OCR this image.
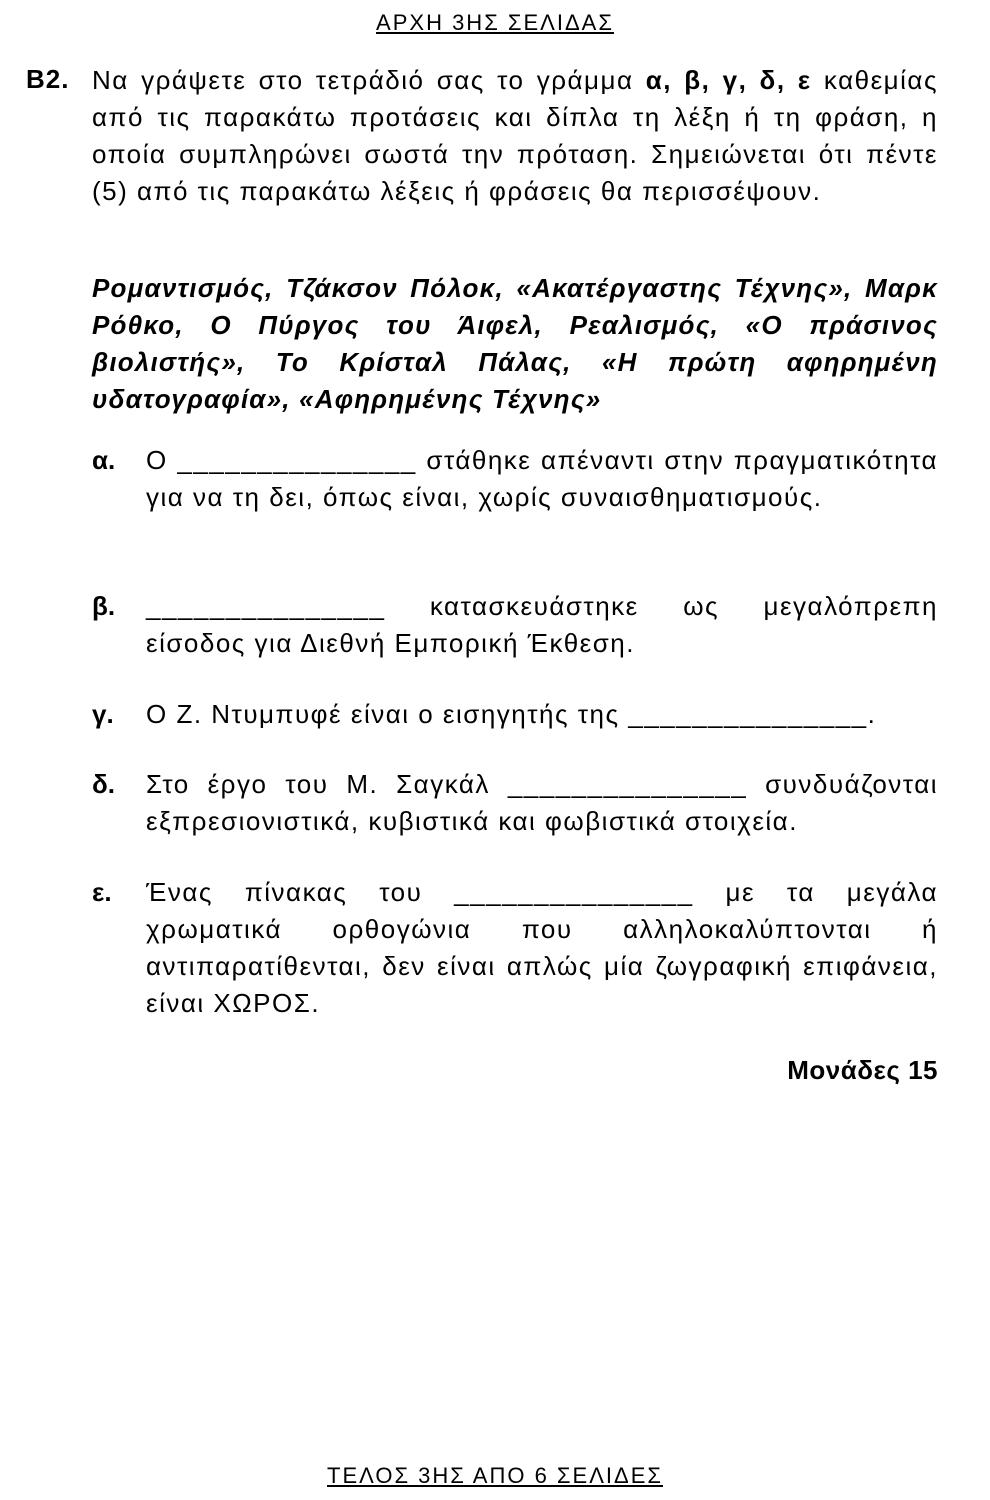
ΑΡΧΗ 3ΗΣ ΣΕΛΙΔΑΣ
Β2. Να γράψετε στο τετράδιό σας το γράμμα α, β, γ, δ, ε καθεμίας από τις παρακάτω προτάσεις και δίπλα τη λέξη ή τη φράση, η οποία συμπληρώνει σωστά την πρόταση. Σημειώνεται ότι πέντε (5) από τις παρακάτω λέξεις ή φράσεις θα περισσέψουν.
Ρομαντισμός, Τζάκσον Πόλοκ, «Ακατέργαστης Τέχνης», Μαρκ Ρόθκο, Ο Πύργος του Άιφελ, Ρεαλισμός, «Ο πράσινος βιολιστής», Το Κρίσταλ Πάλας, «Η πρώτη αφηρημένη υδατογραφία», «Αφηρημένης Τέχνης»
α. Ο _______________ στάθηκε απέναντι στην πραγματικότητα για να τη δει, όπως είναι, χωρίς συναισθηματισμούς.
β. _______________ κατασκευάστηκε ως μεγαλόπρεπη είσοδος για Διεθνή Εμπορική Έκθεση.
γ. Ο Ζ. Ντυμπυφέ είναι ο εισηγητής της _______________.
δ. Στο έργο του Μ. Σαγκάλ _______________ συνδυάζονται εξπρεσιονιστικά, κυβιστικά και φωβιστικά στοιχεία.
ε. Ένας πίνακας του _______________ με τα μεγάλα χρωματικά ορθογώνια που αλληλοκαλύπτονται ή αντιπαρατίθενται, δεν είναι απλώς μία ζωγραφική επιφάνεια, είναι ΧΩΡΟΣ.
Μονάδες 15
ΤΕΛΟΣ 3ΗΣ ΑΠΟ 6 ΣΕΛΙΔΕΣ
